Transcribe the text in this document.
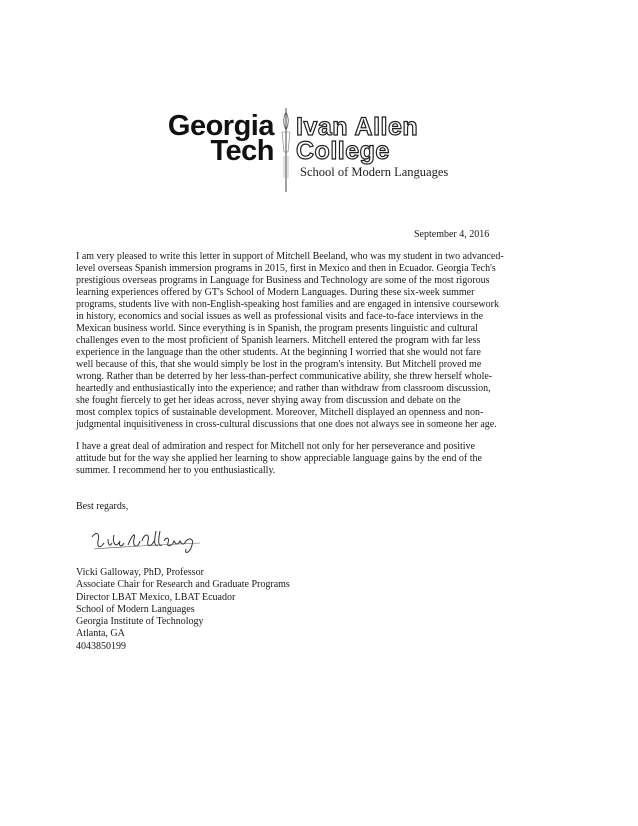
Georgia
Tech
Ivan Allen
College
School of Modern Languages
September 4, 2016

I am very pleased to write this letter in support of Mitchell Beeland, who was my student in two advanced-
level overseas Spanish immersion programs in 2015, first in Mexico and then in Ecuador. Georgia Tech's
prestigious overseas programs in Language for Business and Technology are some of the most rigorous
learning experiences offered by GT's School of Modern Languages. During these six-week summer
programs, students live with non-English-speaking host families and are engaged in intensive coursework
in history, economics and social issues as well as professional visits and face-to-face interviews in the
Mexican business world. Since everything is in Spanish, the program presents linguistic and cultural
challenges even to the most proficient of Spanish learners. Mitchell entered the program with far less
experience in the language than the other students. At the beginning I worried that she would not fare
well because of this, that she would simply be lost in the program's intensity. But Mitchell proved me
wrong. Rather than be deterred by her less-than-perfect communicative ability, she threw herself whole-
heartedly and enthusiastically into the experience; and rather than withdraw from classroom discussion,
she fought fiercely to get her ideas across, never shying away from discussion and debate on the
most complex topics of sustainable development. Moreover, Mitchell displayed an openness and non-
judgmental inquisitiveness in cross-cultural discussions that one does not always see in someone her age.

I have a great deal of admiration and respect for Mitchell not only for her perseverance and positive
attitude but for the way she applied her learning to show appreciable language gains by the end of the
summer. I recommend her to you enthusiastically.

Best regards,
Vicki Galloway, PhD, Professor
Associate Chair for Research and Graduate Programs
Director LBAT Mexico, LBAT Ecuador
School of Modern Languages
Georgia Institute of Technology
Atlanta, GA
4043850199
